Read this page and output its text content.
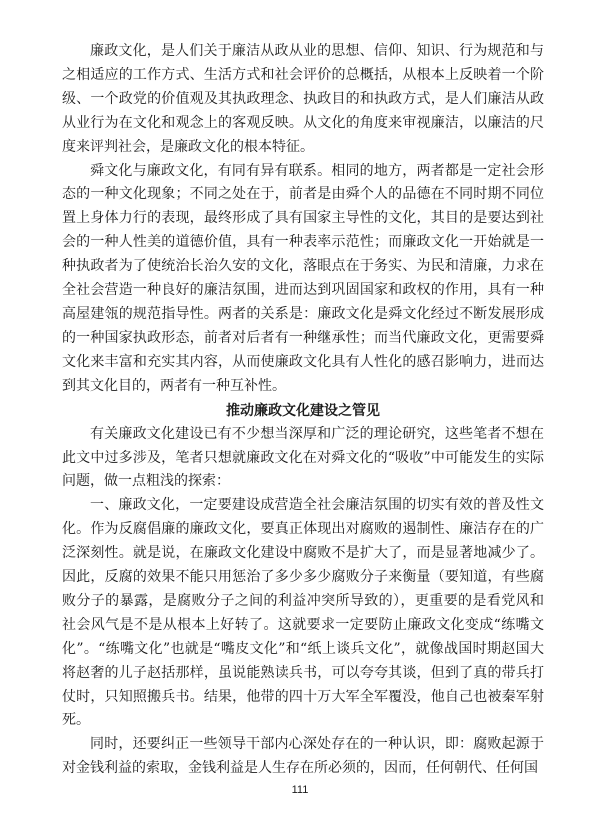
廉政文化，是人们关于廉洁从政从业的思想、信仰、知识、行为规范和与之相适应的工作方式、生活方式和社会评价的总概括，从根本上反映着一个阶级、一个政党的价值观及其执政理念、执政目的和执政方式，是人们廉洁从政从业行为在文化和观念上的客观反映。从文化的角度来审视廉洁，以廉洁的尺度来评判社会，是廉政文化的根本特征。

舜文化与廉政文化，有同有异有联系。相同的地方，两者都是一定社会形态的一种文化现象；不同之处在于，前者是由舜个人的品德在不同时期不同位置上身体力行的表现，最终形成了具有国家主导性的文化，其目的是要达到社会的一种人性美的道德价值，具有一种表率示范性；而廉政文化一开始就是一种执政者为了使统治长治久安的文化，落眼点在于务实、为民和清廉，力求在全社会营造一种良好的廉洁氛围，进而达到巩固国家和政权的作用，具有一种高屋建瓴的规范指导性。两者的关系是：廉政文化是舜文化经过不断发展形成的一种国家执政形态，前者对后者有一种继承性；而当代廉政文化，更需要舜文化来丰富和充实其内容，从而使廉政文化具有人性化的感召影响力，进而达到其文化目的，两者有一种互补性。

推动廉政文化建设之管见

有关廉政文化建设已有不少想当深厚和广泛的理论研究，这些笔者不想在此文中过多涉及，笔者只想就廉政文化在对舜文化的“吸收”中可能发生的实际问题，做一点粗浅的探索：

一、廉政文化，一定要建设成营造全社会廉洁氛围的切实有效的普及性文化。作为反腐倡廉的廉政文化，要真正体现出对腐败的遏制性、廉洁存在的广泛深刻性。就是说，在廉政文化建设中腐败不是扩大了，而是显著地减少了。因此，反腐的效果不能只用惩治了多少多少腐败分子来衡量（要知道，有些腐败分子的暴露，是腐败分子之间的利益冲突所导致的），更重要的是看党风和社会风气是不是从根本上好转了。这就要求一定要防止廉政文化变成“练嘴文化”。“练嘴文化”也就是“嘴皮文化”和“纸上谈兵文化”，就像战国时期赵国大将赵奢的儿子赵括那样，虽说能熟读兵书，可以夸夸其谈，但到了真的带兵打仗时，只知照搬兵书。结果，他带的四十万大军全军覆没，他自己也被秦军射死。

同时，还要纠正一些领导干部内心深处存在的一种认识，即：腐败起源于对金钱利益的索取，金钱利益是人生存在所必须的，因而，任何朝代、任何国

111
